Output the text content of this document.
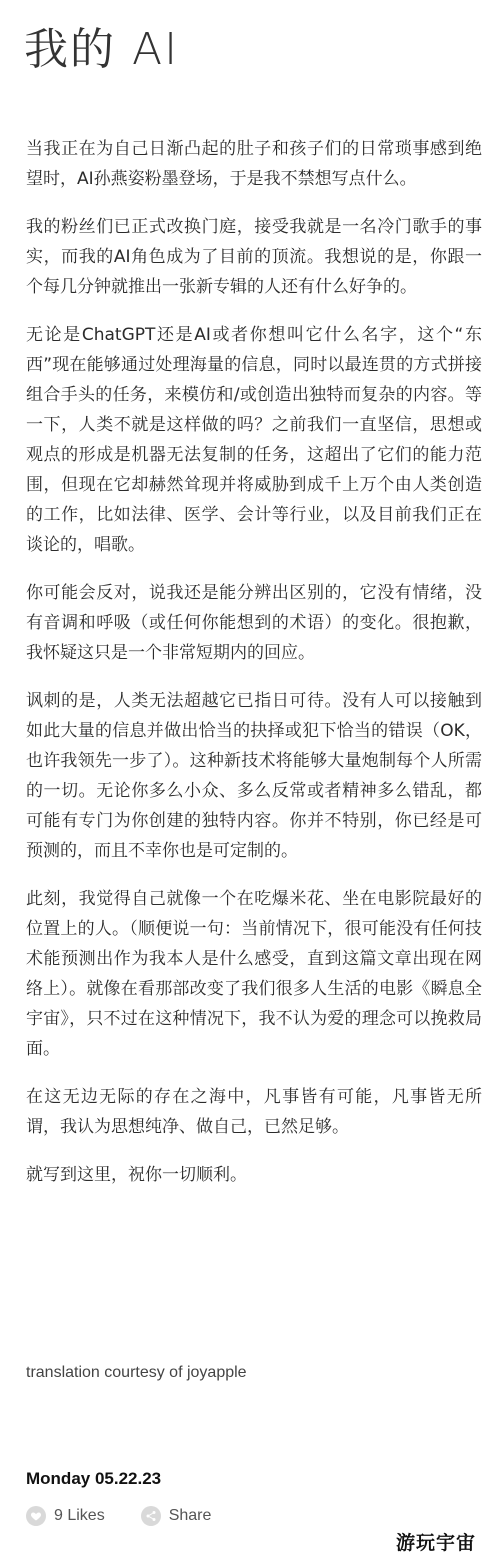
我的 AI

当我正在为自己日渐凸起的肚子和孩子们的日常琐事感到绝望时，AI孙燕姿粉墨登场，于是我不禁想写点什么。

我的粉丝们已正式改换门庭，接受我就是一名冷门歌手的事实，而我的AI角色成为了目前的顶流。我想说的是，你跟一个每几分钟就推出一张新专辑的人还有什么好争的。

无论是ChatGPT还是AI或者你想叫它什么名字，这个“东西”现在能够通过处理海量的信息，同时以最连贯的方式拼接组合手头的任务，来模仿和/或创造出独特而复杂的内容。等一下，人类不就是这样做的吗？之前我们一直坚信，思想或观点的形成是机器无法复制的任务，这超出了它们的能力范围，但现在它却赫然耸现并将威胁到成千上万个由人类创造的工作，比如法律、医学、会计等行业，以及目前我们正在谈论的，唱歌。

你可能会反对，说我还是能分辨出区别的，它没有情绪，没有音调和呼吸（或任何你能想到的术语）的变化。很抱歉，我怀疑这只是一个非常短期内的回应。

讽刺的是，人类无法超越它已指日可待。没有人可以接触到如此大量的信息并做出恰当的抉择或犯下恰当的错误（OK，也许我领先一步了）。这种新技术将能够大量炮制每个人所需的一切。无论你多么小众、多么反常或者精神多么错乱，都可能有专门为你创建的独特内容。你并不特别，你已经是可预测的，而且不幸你也是可定制的。

此刻，我觉得自己就像一个在吃爆米花、坐在电影院最好的位置上的人。（顺便说一句：当前情况下，很可能没有任何技术能预测出作为我本人是什么感受，直到这篇文章出现在网络上）。就像在看那部改变了我们很多人生活的电影《瞬息全宇宙》，只不过在这种情况下，我不认为爱的理念可以挽救局面。

在这无边无际的存在之海中，凡事皆有可能，凡事皆无所谓，我认为思想纯净、做自己，已然足够。

就写到这里，祝你一切顺利。

translation courtesy of joyapple
Monday 05.22.23
9 Likes	Share
游玩宇宙
